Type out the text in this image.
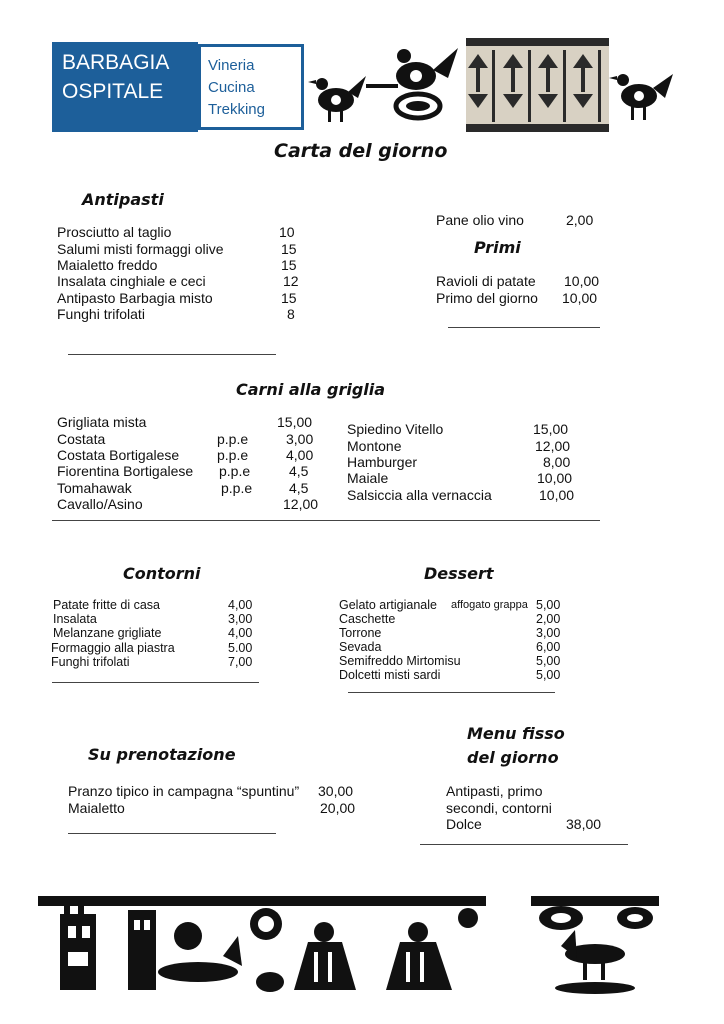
BARBAGIA
OSPITALE
Vineria
Cucina
Trekking
Carta del giorno
Antipasti
Prosciutto al taglio	10
Salumi misti formaggi olive	15
Maialetto freddo	15
Insalata cinghiale e ceci	12
Antipasto Barbagia misto	15
Funghi trifolati	8
Pane olio vino	2,00
Primi
Ravioli di patate 10,00
Primo del giorno 10,00
Carni alla griglia
Grigliata mista	15,00
Costata	p.p.e	3,00
Costata Bortigalese	p.p.e	4,00
Fiorentina Bortigalese p.p.e	4,5
Tomahawak	p.p.e	4,5
Cavallo/Asino	12,00
Spiedino Vitello	15,00
Montone	12,00
Hamburger	8,00
Maiale	10,00
Salsiccia alla vernaccia	10,00
Contorni
Patate fritte di casa	4,00
Insalata	3,00
Melanzane grigliate	4,00
Formaggio alla piastra	5.00
Funghi trifolati	7,00
Dessert
Gelato artigianale affogato grappa 5,00
Caschette	2,00
Torrone	3,00
Sevada	6,00
Semifreddo Mirtomisu	5,00
Dolcetti misti sardi	5,00
Su prenotazione
Pranzo tipico in campagna “spuntinu” 30,00
Maialetto	20,00
Menu fisso
del giorno
Antipasti, primo
secondi, contorni
Dolce	38,00
